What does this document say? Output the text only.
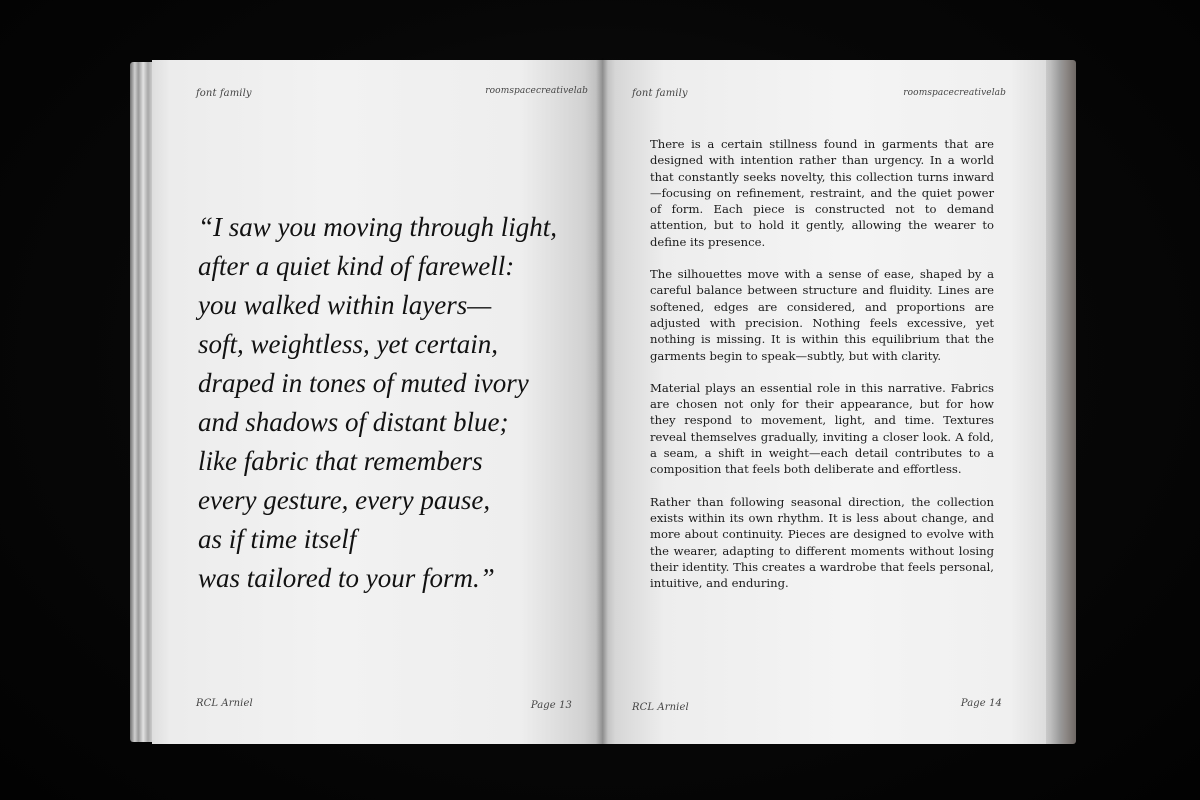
font family	roomspacecreativelab
“I saw you moving through light,
after a quiet kind of farewell:
you walked within layers—
soft, weightless, yet certain,
draped in tones of muted ivory
and shadows of distant blue;
like fabric that remembers
every gesture, every pause,
as if time itself
was tailored to your form.”
RCL Arniel	Page 13
font family	roomspacecreativelab

There is a certain stillness found in garments that are designed with intention rather than urgency. In a world that constantly seeks novelty, this collection turns inward—focusing on refinement, restraint, and the quiet power of form. Each piece is constructed not to demand attention, but to hold it gently, allowing the wearer to define its presence.

The silhouettes move with a sense of ease, shaped by a careful balance between structure and fluidity. Lines are softened, edges are considered, and proportions are adjusted with precision. Nothing feels excessive, yet nothing is missing. It is within this equilibrium that the garments begin to speak—subtly, but with clarity.

Material plays an essential role in this narrative. Fabrics are chosen not only for their appearance, but for how they respond to movement, light, and time. Textures reveal themselves gradually, inviting a closer look. A fold, a seam, a shift in weight—each detail contributes to a composition that feels both deliberate and effortless.

Rather than following seasonal direction, the collection exists within its own rhythm. It is less about change, and more about continuity. Pieces are designed to evolve with the wearer, adapting to different moments without losing their identity. This creates a wardrobe that feels personal, intuitive, and enduring.

RCL Arniel	Page 14
